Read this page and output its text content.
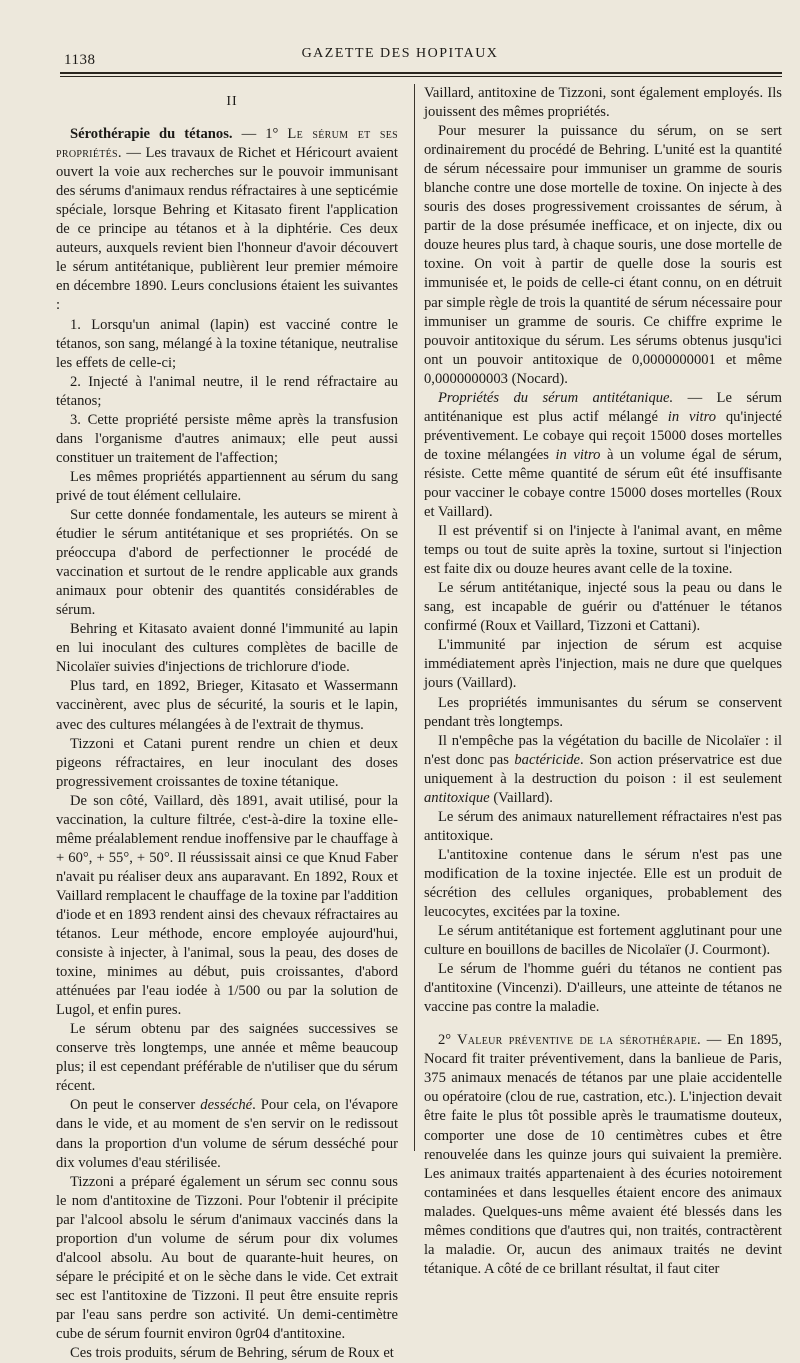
1138	GAZETTE DES HOPITAUX
II

Sérothérapie du tétanos. — 1° Le sérum et ses propriétés. — Les travaux de Richet et Héricourt avaient ouvert la voie aux recherches sur le pouvoir immunisant des sérums d'animaux rendus réfractaires à une septicémie spéciale, lorsque Behring et Kitasato firent l'application de ce principe au tétanos et à la diphtérie. Ces deux auteurs, auxquels revient bien l'honneur d'avoir découvert le sérum antitétanique, publièrent leur premier mémoire en décembre 1890. Leurs conclusions étaient les suivantes :

1. Lorsqu'un animal (lapin) est vacciné contre le tétanos, son sang, mélangé à la toxine tétanique, neutralise les effets de celle-ci;

2. Injecté à l'animal neutre, il le rend réfractaire au tétanos;

3. Cette propriété persiste même après la transfusion dans l'organisme d'autres animaux; elle peut aussi constituer un traitement de l'affection;

Les mêmes propriétés appartiennent au sérum du sang privé de tout élément cellulaire.

Sur cette donnée fondamentale, les auteurs se mirent à étudier le sérum antitétanique et ses propriétés. On se préoccupa d'abord de perfectionner le procédé de vaccination et surtout de le rendre applicable aux grands animaux pour obtenir des quantités considérables de sérum.

Behring et Kitasato avaient donné l'immunité au lapin en lui inoculant des cultures complètes de bacille de Nicolaïer suivies d'injections de trichlorure d'iode.

Plus tard, en 1892, Brieger, Kitasato et Wassermann vaccinèrent, avec plus de sécurité, la souris et le lapin, avec des cultures mélangées à de l'extrait de thymus.

Tizzoni et Catani purent rendre un chien et deux pigeons réfractaires, en leur inoculant des doses progressivement croissantes de toxine tétanique.

De son côté, Vaillard, dès 1891, avait utilisé, pour la vaccination, la culture filtrée, c'est-à-dire la toxine elle-même préalablement rendue inoffensive par le chauffage à + 60°, + 55°, + 50°. Il réussissait ainsi ce que Knud Faber n'avait pu réaliser deux ans auparavant. En 1892, Roux et Vaillard remplacent le chauffage de la toxine par l'addition d'iode et en 1893 rendent ainsi des chevaux réfractaires au tétanos. Leur méthode, encore employée aujourd'hui, consiste à injecter, à l'animal, sous la peau, des doses de toxine, minimes au début, puis croissantes, d'abord atténuées par l'eau iodée à 1/500 ou par la solution de Lugol, et enfin pures.

Le sérum obtenu par des saignées successives se conserve très longtemps, une année et même beaucoup plus; il est cependant préférable de n'utiliser que du sérum récent.

On peut le conserver desséché. Pour cela, on l'évapore dans le vide, et au moment de s'en servir on le redissout dans la proportion d'un volume de sérum desséché pour dix volumes d'eau stérilisée.

Tizzoni a préparé également un sérum sec connu sous le nom d'antitoxine de Tizzoni. Pour l'obtenir il précipite par l'alcool absolu le sérum d'animaux vaccinés dans la proportion d'un volume de sérum pour dix volumes d'alcool absolu. Au bout de quarante-huit heures, on sépare le précipité et on le sèche dans le vide. Cet extrait sec est l'antitoxine de Tizzoni. Il peut être ensuite repris par l'eau sans perdre son activité. Un demi-centimètre cube de sérum fournit environ 0gr04 d'antitoxine.

Ces trois produits, sérum de Behring, sérum de Roux et

Vaillard, antitoxine de Tizzoni, sont également employés. Ils jouissent des mêmes propriétés.

Pour mesurer la puissance du sérum, on se sert ordinairement du procédé de Behring. L'unité est la quantité de sérum nécessaire pour immuniser un gramme de souris blanche contre une dose mortelle de toxine. On injecte à des souris des doses progressivement croissantes de sérum, à partir de la dose présumée inefficace, et on injecte, dix ou douze heures plus tard, à chaque souris, une dose mortelle de toxine. On voit à partir de quelle dose la souris est immunisée et, le poids de celle-ci étant connu, on en détruit par simple règle de trois la quantité de sérum nécessaire pour immuniser un gramme de souris. Ce chiffre exprime le pouvoir antitoxique du sérum. Les sérums obtenus jusqu'ici ont un pouvoir antitoxique de 0,0000000001 et même 0,0000000003 (Nocard).

Propriétés du sérum antitétanique. — Le sérum antiténanique est plus actif mélangé in vitro qu'injecté préventivement. Le cobaye qui reçoit 15000 doses mortelles de toxine mélangées in vitro à un volume égal de sérum, résiste. Cette même quantité de sérum eût été insuffisante pour vacciner le cobaye contre 15000 doses mortelles (Roux et Vaillard).

Il est préventif si on l'injecte à l'animal avant, en même temps ou tout de suite après la toxine, surtout si l'injection est faite dix ou douze heures avant celle de la toxine.

Le sérum antitétanique, injecté sous la peau ou dans le sang, est incapable de guérir ou d'atténuer le tétanos confirmé (Roux et Vaillard, Tizzoni et Cattani).

L'immunité par injection de sérum est acquise immédiatement après l'injection, mais ne dure que quelques jours (Vaillard).

Les propriétés immunisantes du sérum se conservent pendant très longtemps.

Il n'empêche pas la végétation du bacille de Nicolaïer : il n'est donc pas bactéricide. Son action préservatrice est due uniquement à la destruction du poison : il est seulement antitoxique (Vaillard).

Le sérum des animaux naturellement réfractaires n'est pas antitoxique.

L'antitoxine contenue dans le sérum n'est pas une modification de la toxine injectée. Elle est un produit de sécrétion des cellules organiques, probablement des leucocytes, excitées par la toxine.

Le sérum antitétanique est fortement agglutinant pour une culture en bouillons de bacilles de Nicolaïer (J. Courmont).

Le sérum de l'homme guéri du tétanos ne contient pas d'antitoxine (Vincenzi). D'ailleurs, une atteinte de tétanos ne vaccine pas contre la maladie.

2° Valeur préventive de la sérothérapie. — En 1895, Nocard fit traiter préventivement, dans la banlieue de Paris, 375 animaux menacés de tétanos par une plaie accidentelle ou opératoire (clou de rue, castration, etc.). L'injection devait être faite le plus tôt possible après le traumatisme douteux, comporter une dose de 10 centimètres cubes et être renouvelée dans les quinze jours qui suivaient la première. Les animaux traités appartenaient à des écuries notoirement contaminées et dans lesquelles étaient encore des animaux malades. Quelques-uns même avaient été blessés dans les mêmes conditions que d'autres qui, non traités, contractèrent la maladie. Or, aucun des animaux traités ne devint tétanique. A côté de ce brillant résultat, il faut citer
